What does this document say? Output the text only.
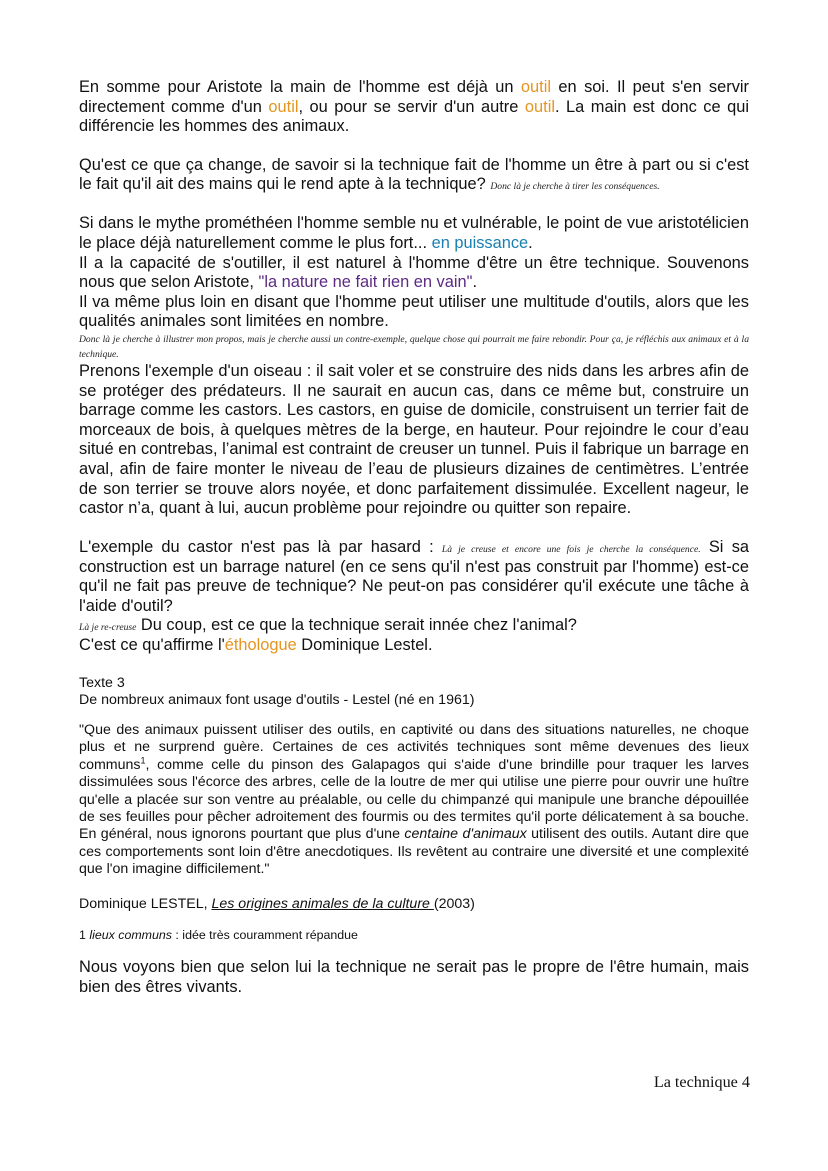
En somme pour Aristote la main de l'homme est déjà un outil en soi. Il peut s'en servir directement comme d'un outil, ou pour se servir d'un autre outil. La main est donc ce qui différencie les hommes des animaux.

Qu'est ce que ça change, de savoir si la technique fait de l'homme un être à part ou si c'est le fait qu'il ait des mains qui le rend apte à la technique? Donc là je cherche à tirer les conséquences.

Si dans le mythe prométhéen l'homme semble nu et vulnérable, le point de vue aristotélicien le place déjà naturellement comme le plus fort... en puissance.

Il a la capacité de s'outiller, il est naturel à l'homme d'être un être technique. Souvenons nous que selon Aristote, "la nature ne fait rien en vain".

Il va même plus loin en disant que l'homme peut utiliser une multitude d'outils, alors que les qualités animales sont limitées en nombre.

Donc là je cherche à illustrer mon propos, mais je cherche aussi un contre-exemple, quelque chose qui pourrait me faire rebondir. Pour ça, je réfléchis aux animaux et à la technique.

Prenons l'exemple d'un oiseau : il sait voler et se construire des nids dans les arbres afin de se protéger des prédateurs. Il ne saurait en aucun cas, dans ce même but, construire un barrage comme les castors. Les castors, en guise de domicile, construisent un terrier fait de morceaux de bois, à quelques mètres de la berge, en hauteur. Pour rejoindre le cour d’eau situé en contrebas, l’animal est contraint de creuser un tunnel. Puis il fabrique un barrage en aval, afin de faire monter le niveau de l’eau de plusieurs dizaines de centimètres. L’entrée de son terrier se trouve alors noyée, et donc parfaitement dissimulée. Excellent nageur, le castor n’a, quant à lui, aucun problème pour rejoindre ou quitter son repaire.

L'exemple du castor n'est pas là par hasard : Là je creuse et encore une fois je cherche la conséquence. Si sa construction est un barrage naturel (en ce sens qu'il n'est pas construit par l'homme) est-ce qu'il ne fait pas preuve de technique? Ne peut-on pas considérer qu'il exécute une tâche à l'aide d'outil?

Là je re-creuse Du coup, est ce que la technique serait innée chez l'animal?

C'est ce qu'affirme l'éthologue Dominique Lestel.

Texte 3

De nombreux animaux font usage d'outils - Lestel (né en 1961)

"Que des animaux puissent utiliser des outils, en captivité ou dans des situations naturelles, ne choque plus et ne surprend guère. Certaines de ces activités techniques sont même devenues des lieux communs$^1$, comme celle du pinson des Galapagos qui s'aide d'une brindille pour traquer les larves dissimulées sous l'écorce des arbres, celle de la loutre de mer qui utilise une pierre pour ouvrir une huître qu'elle a placée sur son ventre au préalable, ou celle du chimpanzé qui manipule une branche dépouillée de ses feuilles pour pêcher adroitement des fourmis ou des termites qu'il porte délicatement à sa bouche. En général, nous ignorons pourtant que plus d'une centaine d'animaux utilisent des outils. Autant dire que ces comportements sont loin d'être anecdotiques. Ils revêtent au contraire une diversité et une complexité que l'on imagine difficilement."

Dominique LESTEL, Les origines animales de la culture (2003)

1 lieux communs : idée très couramment répandue

Nous voyons bien que selon lui la technique ne serait pas le propre de l'être humain, mais bien des êtres vivants.

La technique 4
